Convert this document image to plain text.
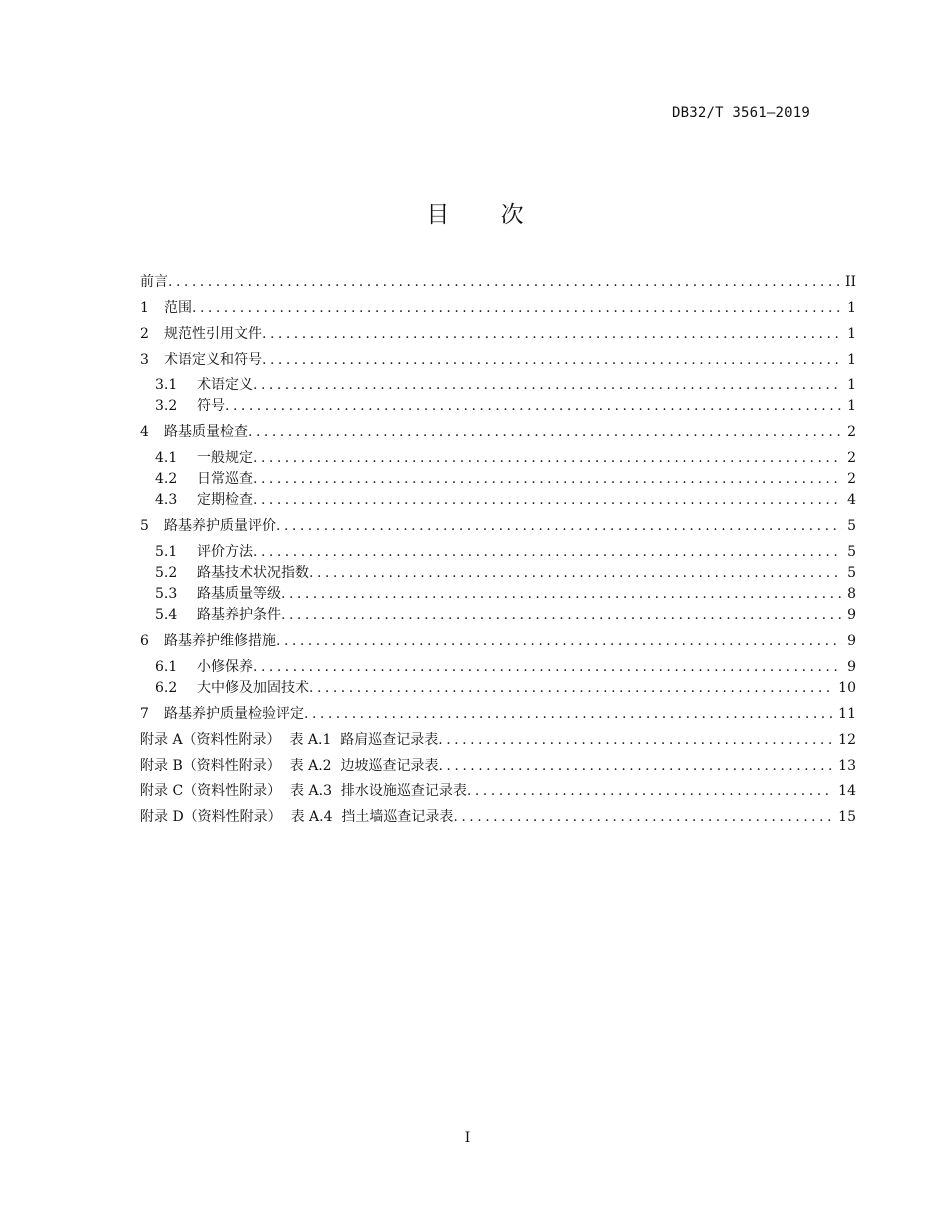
DB32/T 3561—2019
目 次
前言 .....	II
1	范围 .....	1
2	规范性引用文件 .....	1
3	术语定义和符号 .....	1
3.1	术语定义 .....	1
3.2	符号 .....	1
4	路基质量检查 .....	2
4.1	一般规定 .....	2
4.2	日常巡查 .....	2
4.3	定期检查 .....	4
5	路基养护质量评价 .....	5
5.1	评价方法 .....	5
5.2	路基技术状况指数 .....	5
5.3	路基质量等级 .....	8
5.4	路基养护条件 .....	9
6	路基养护维修措施 .....	9
6.1	小修保养 .....	9
6.2	大中修及加固技术 .....	10
7	路基养护质量检验评定 .....	11
附录 A（资料性附录）  表 A.1  路肩巡查记录表 .....	12
附录 B（资料性附录）  表 A.2  边坡巡查记录表 .....	13
附录 C（资料性附录）  表 A.3  排水设施巡查记录表 .....	14
附录 D（资料性附录）  表 A.4  挡土墙巡查记录表 .....	15
I
